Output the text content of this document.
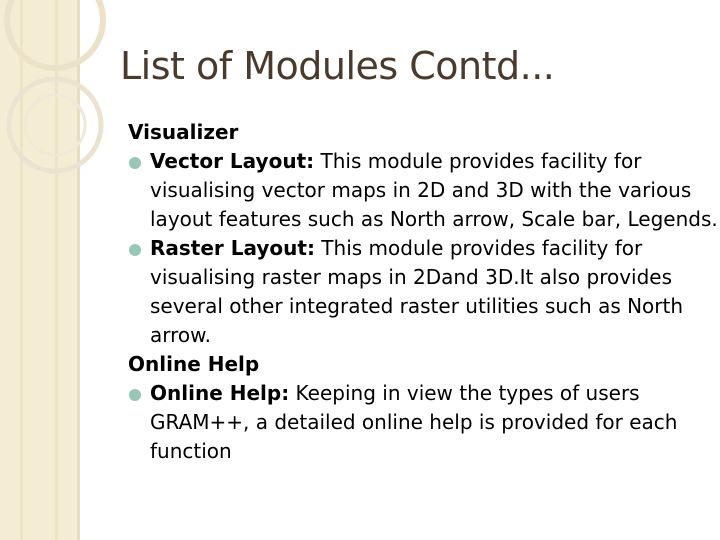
List of Modules Contd...

Visualizer

Vector Layout: This module provides facility for
visualising vector maps in 2D and 3D with the various
layout features such as North arrow, Scale bar, Legends.
Raster Layout: This module provides facility for
visualising raster maps in 2Dand 3D.It also provides
several other integrated raster utilities such as North
arrow.

Online Help

Online Help: Keeping in view the types of users
GRAM++, a detailed online help is provided for each
function
